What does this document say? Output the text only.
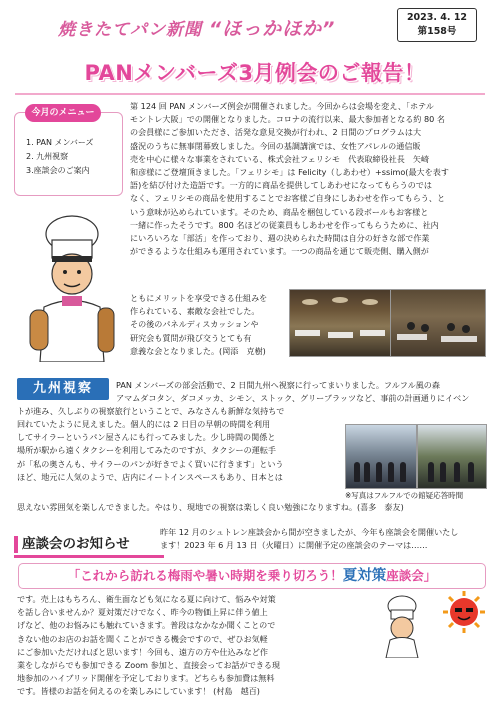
焼きたてパン新聞 “ほっかほか”
2023. 4. 12
第158号
PANメンバーズ3月例会のご報告！
今月のメニュー
1. PAN メンバーズ
2. 九州視察
3.座談会のご案内
第 124 回 PAN メンバーズ例会が開催されました。今回からは会場を変え、「ホテル
モントレ大阪」での開催となりました。コロナの流行以来、最大参加者となる約 80 名
の会員様にご参加いただき、活発な意見交換が行われ、2 日間のプログラムは大
盛況のうちに無事閉幕致しました。今回の基調講演では、女性アパレルの通信販
売を中心に様々な事業をされている、株式会社フェリシモ　代表取締役社長　矢崎
和彦様にご登壇頂きました。「フェリシモ」は Felicity（しあわせ）+ssimo(最大を表す
語)を結び付けた造語です。一方的に商品を提供してしあわせになってもらうのでは
なく、フェリシモの商品を使用することでお客様ご自身にしあわせを作ってもらう、と
いう意味が込められています。そのため、商品を梱包している段ボールもお客様と
一緒に作ったそうです。800 名ほどの従業員もしあわせを作ってもらうために、社内
にいろいろな「部活」を作っており、週の決められた時間は自分の好きな部で作業
ができるような仕組みも運用されています。一つの商品を通じて販売側、購入側が
ともにメリットを享受できる仕組みを
作られている、素敵な会社でした。
その後のパネルディスカッションや
研究会も質問が飛び交うとても有
意義な会となりました。(岡添　克樹)
九州視察	PAN メンバーズの部会活動で、2 日間九州へ視察に行ってまいりました。フルフル風の森
アマムダコタン、ダコメッカ、シモン、ストック、グリーブラッツなど、事前の計画通りにイベン
トが進み、久しぶりの視察旅行ということで、みなさんも新鮮な気持ちで
回れていたように見えました。個人的には 2 日目の早朝の時間を利用
してサイラーというパン屋さんにも行ってみました。少し時間の関係と
場所が駅から遠くタクシーを利用してみたのですが、タクシーの運転手
が「私の奥さんも、サイラーのパンが好きでよく買いに行きます」という
ほど、地元に人気のようで、店内にイートインスペースもあり、日本とは
※写真はフルフルでの館疑応答時間
思えない雰囲気を楽しんできました。やはり、現地での視察は楽しく良い勉強になりますね。(喜多　泰友)
座談会のお知らせ
昨年 12 月のシュトレン座談会から間が空きましたが、今年も座談会を開催いたし
ます！2023 年 6 月 13 日（火曜日）に開催予定の座談会のテーマは……
「これから訪れる梅雨や暑い時期を乗り切ろう！夏対策座談会」
です。売上はもちろん、衛生面なども気になる夏に向けて、悩みや対策
を話し合いませんか？夏対策だけでなく、昨今の物価上昇に伴う値上
げなど、他のお悩みにも触れていきます。普段はなかなか聞くことので
きない他のお店のお話を聞くことができる機会ですので、ぜひお気軽
にご参加いただければと思います！今回も、遠方の方や仕込みなど作
業をしながらでも参加できる Zoom 参加と、直接会ってお話ができる現
地参加のハイブリッド開催を予定しております。どちらも参加費は無料
です。皆様のお話を伺えるのを楽しみにしています！ (村島　越百)
